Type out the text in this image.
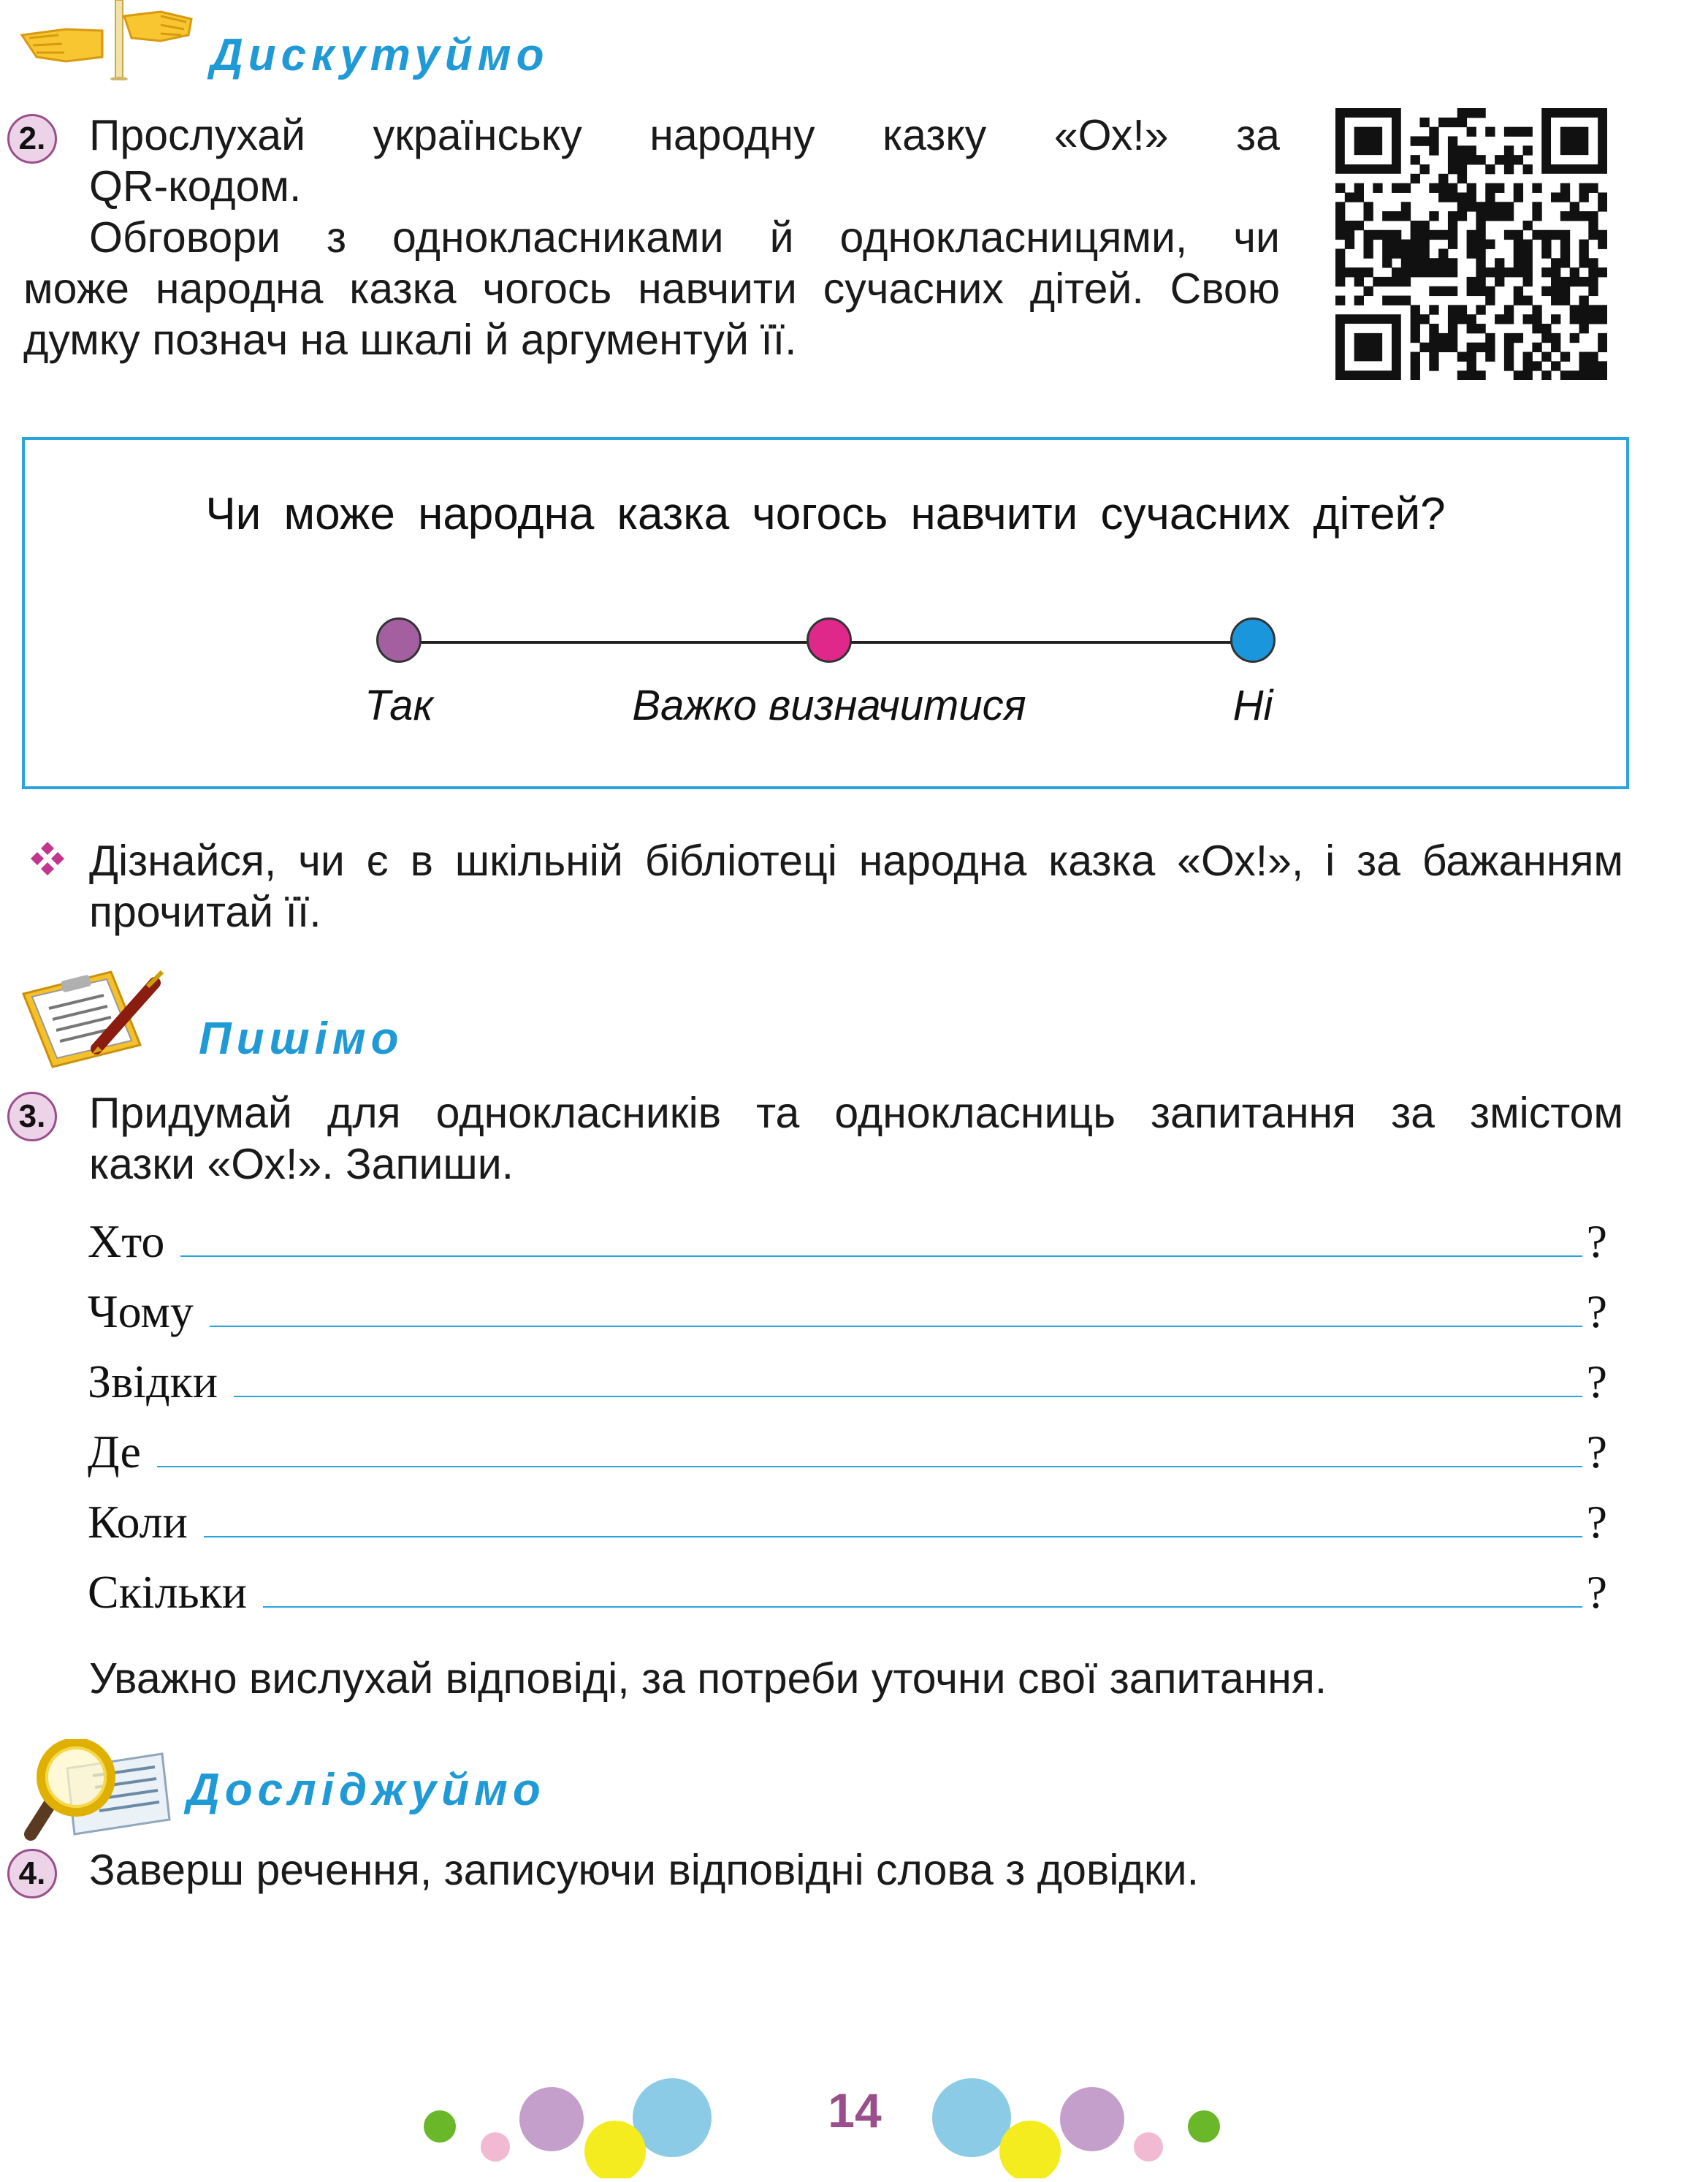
Дискутуймо
2. Прослухай українську народну казку «Ох!» за
QR-кодом.
Обговори з однокласниками й однокласницями, чи
може народна казка чогось навчити сучасних дітей. Свою
думку познач на шкалі й аргументуй її.
Чи може народна казка чогось навчити сучасних дітей?
Так	Важко визначитися	Ні
Дізнайся, чи є в шкільній бібліотеці народна казка «Ох!», і за бажанням
прочитай її.
Пишімо
3. Придумай для однокласників та однокласниць запитання за змістом
казки «Ох!». Запиши.
Хто	?
Чому	?
Звідки	?
Де	?
Коли	?
Скільки	?
Уважно вислухай відповіді, за потреби уточни свої запитання.
Досліджуймо
4. Заверш речення, записуючи відповідні слова з довідки.
14
